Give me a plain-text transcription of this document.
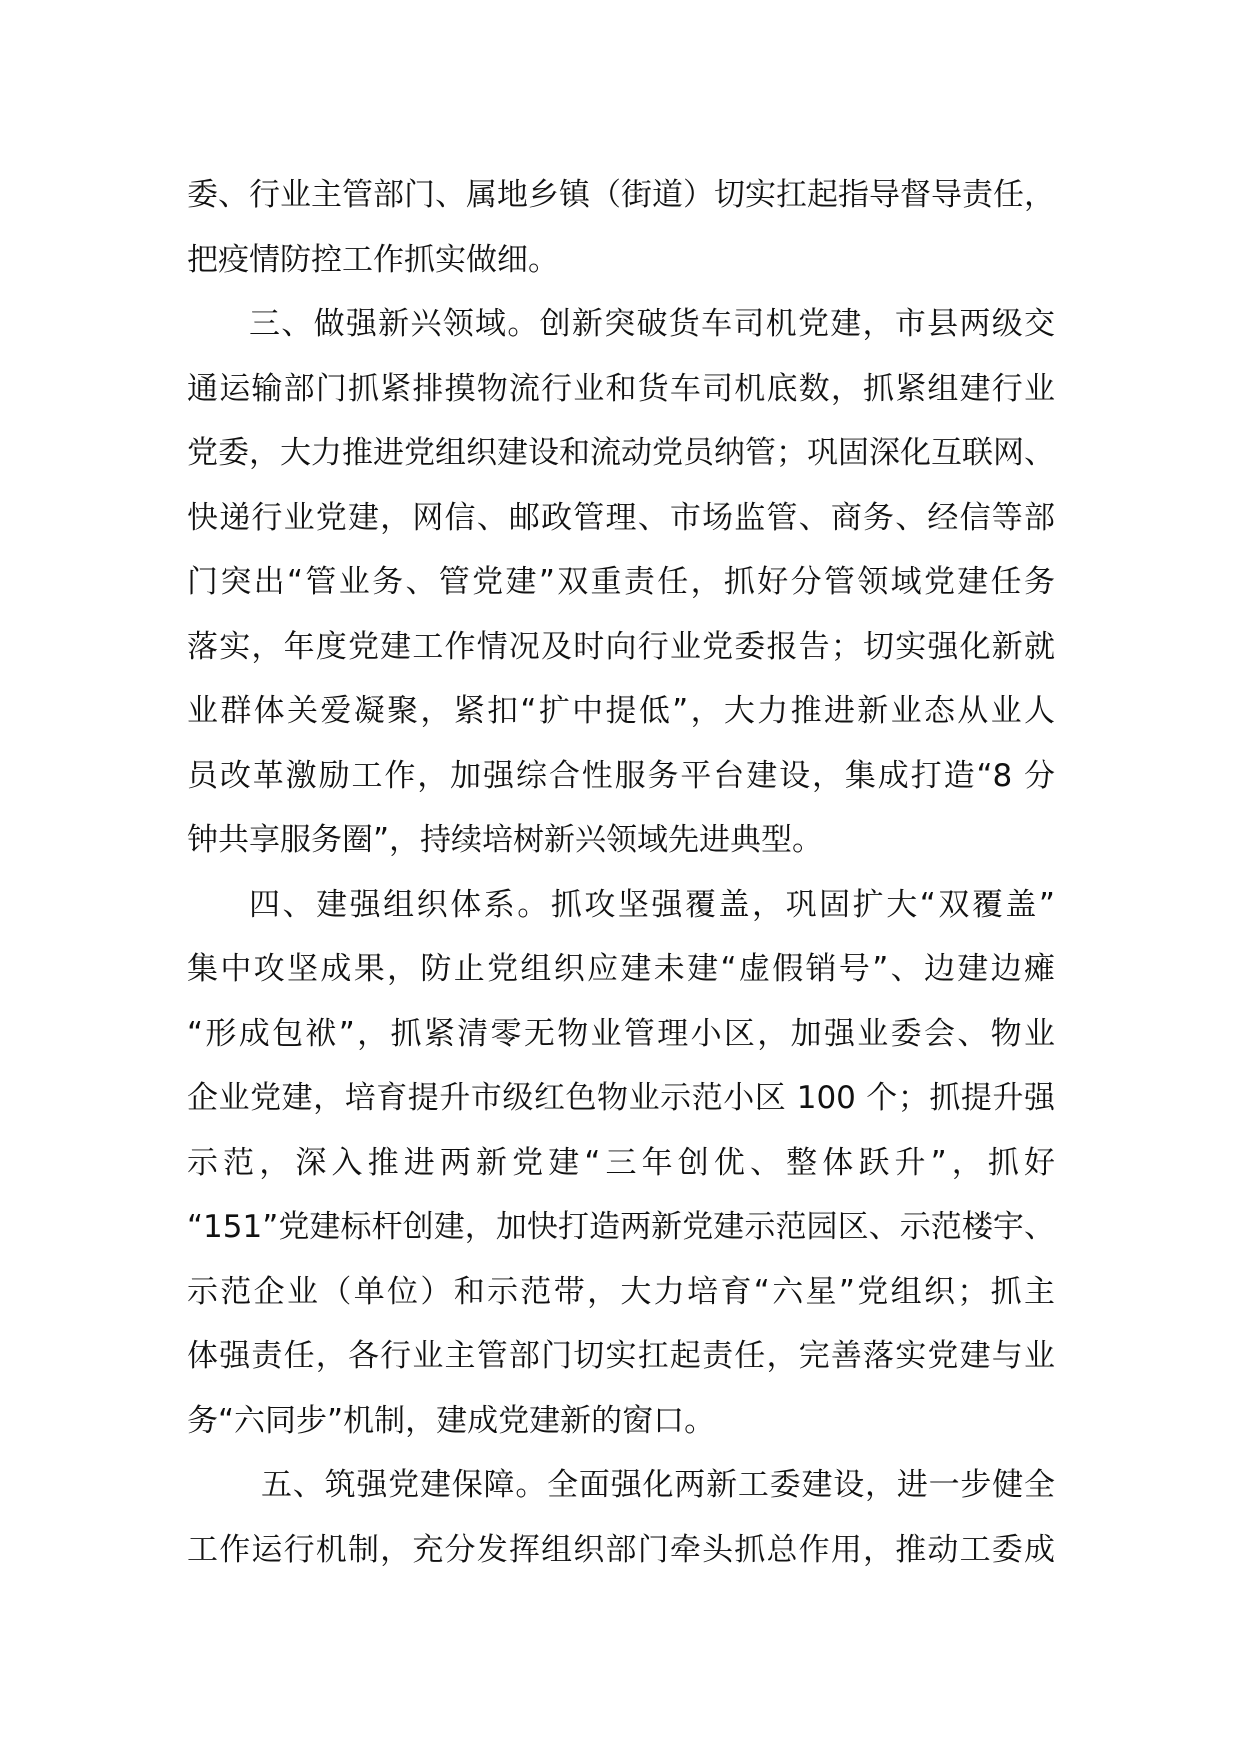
委、行业主管部门、属地乡镇（街道）切实扛起指导督导责任，
把疫情防控工作抓实做细。
三、做强新兴领域。创新突破货车司机党建，市县两级交
通运输部门抓紧排摸物流行业和货车司机底数，抓紧组建行业
党委，大力推进党组织建设和流动党员纳管；巩固深化互联网、
快递行业党建，网信、邮政管理、市场监管、商务、经信等部
门突出“管业务、管党建”双重责任，抓好分管领域党建任务
落实，年度党建工作情况及时向行业党委报告；切实强化新就
业群体关爱凝聚，紧扣“扩中提低”，大力推进新业态从业人
员改革激励工作，加强综合性服务平台建设，集成打造“8 分
钟共享服务圈”，持续培树新兴领域先进典型。
四、建强组织体系。抓攻坚强覆盖，巩固扩大“双覆盖”
集中攻坚成果，防止党组织应建未建“虚假销号”、边建边瘫
“形成包袱”，抓紧清零无物业管理小区，加强业委会、物业
企业党建，培育提升市级红色物业示范小区 100 个；抓提升强
示范，深入推进两新党建“三年创优、整体跃升”，抓好
“151”党建标杆创建，加快打造两新党建示范园区、示范楼宇、
示范企业（单位）和示范带，大力培育“六星”党组织；抓主
体强责任，各行业主管部门切实扛起责任，完善落实党建与业
务“六同步”机制，建成党建新的窗口。
五、筑强党建保障。全面强化两新工委建设，进一步健全
工作运行机制，充分发挥组织部门牵头抓总作用，推动工委成
